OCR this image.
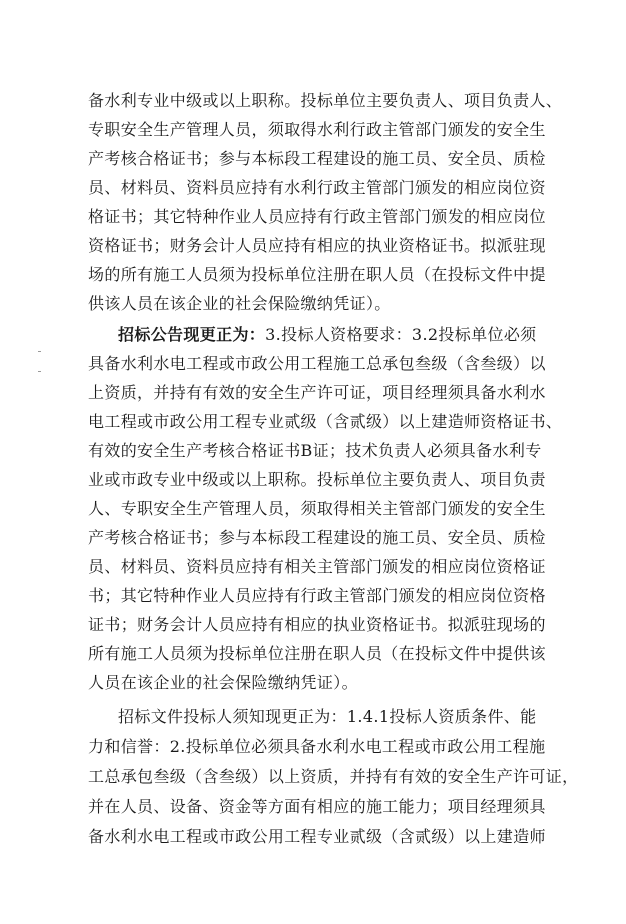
备水利专业中级或以上职称。投标单位主要负责人、项目负责人、
专职安全生产管理人员，须取得水利行政主管部门颁发的安全生
产考核合格证书；参与本标段工程建设的施工员、安全员、质检
员、材料员、资料员应持有水利行政主管部门颁发的相应岗位资
格证书；其它特种作业人员应持有行政主管部门颁发的相应岗位
资格证书；财务会计人员应持有相应的执业资格证书。拟派驻现
场的所有施工人员须为投标单位注册在职人员（在投标文件中提
供该人员在该企业的社会保险缴纳凭证）。
招标公告现更正为：3.投标人资格要求：3.2投标单位必须
具备水利水电工程或市政公用工程施工总承包叁级（含叁级）以
上资质，并持有有效的安全生产许可证，项目经理须具备水利水
电工程或市政公用工程专业贰级（含贰级）以上建造师资格证书、
有效的安全生产考核合格证书B证；技术负责人必须具备水利专
业或市政专业中级或以上职称。投标单位主要负责人、项目负责
人、专职安全生产管理人员，须取得相关主管部门颁发的安全生
产考核合格证书；参与本标段工程建设的施工员、安全员、质检
员、材料员、资料员应持有相关主管部门颁发的相应岗位资格证
书；其它特种作业人员应持有行政主管部门颁发的相应岗位资格
证书；财务会计人员应持有相应的执业资格证书。拟派驻现场的
所有施工人员须为投标单位注册在职人员（在投标文件中提供该
人员在该企业的社会保险缴纳凭证）。
招标文件投标人须知现更正为：1.4.1投标人资质条件、能
力和信誉：2.投标单位必须具备水利水电工程或市政公用工程施
工总承包叁级（含叁级）以上资质，并持有有效的安全生产许可证，
并在人员、设备、资金等方面有相应的施工能力；项目经理须具
备水利水电工程或市政公用工程专业贰级（含贰级）以上建造师
